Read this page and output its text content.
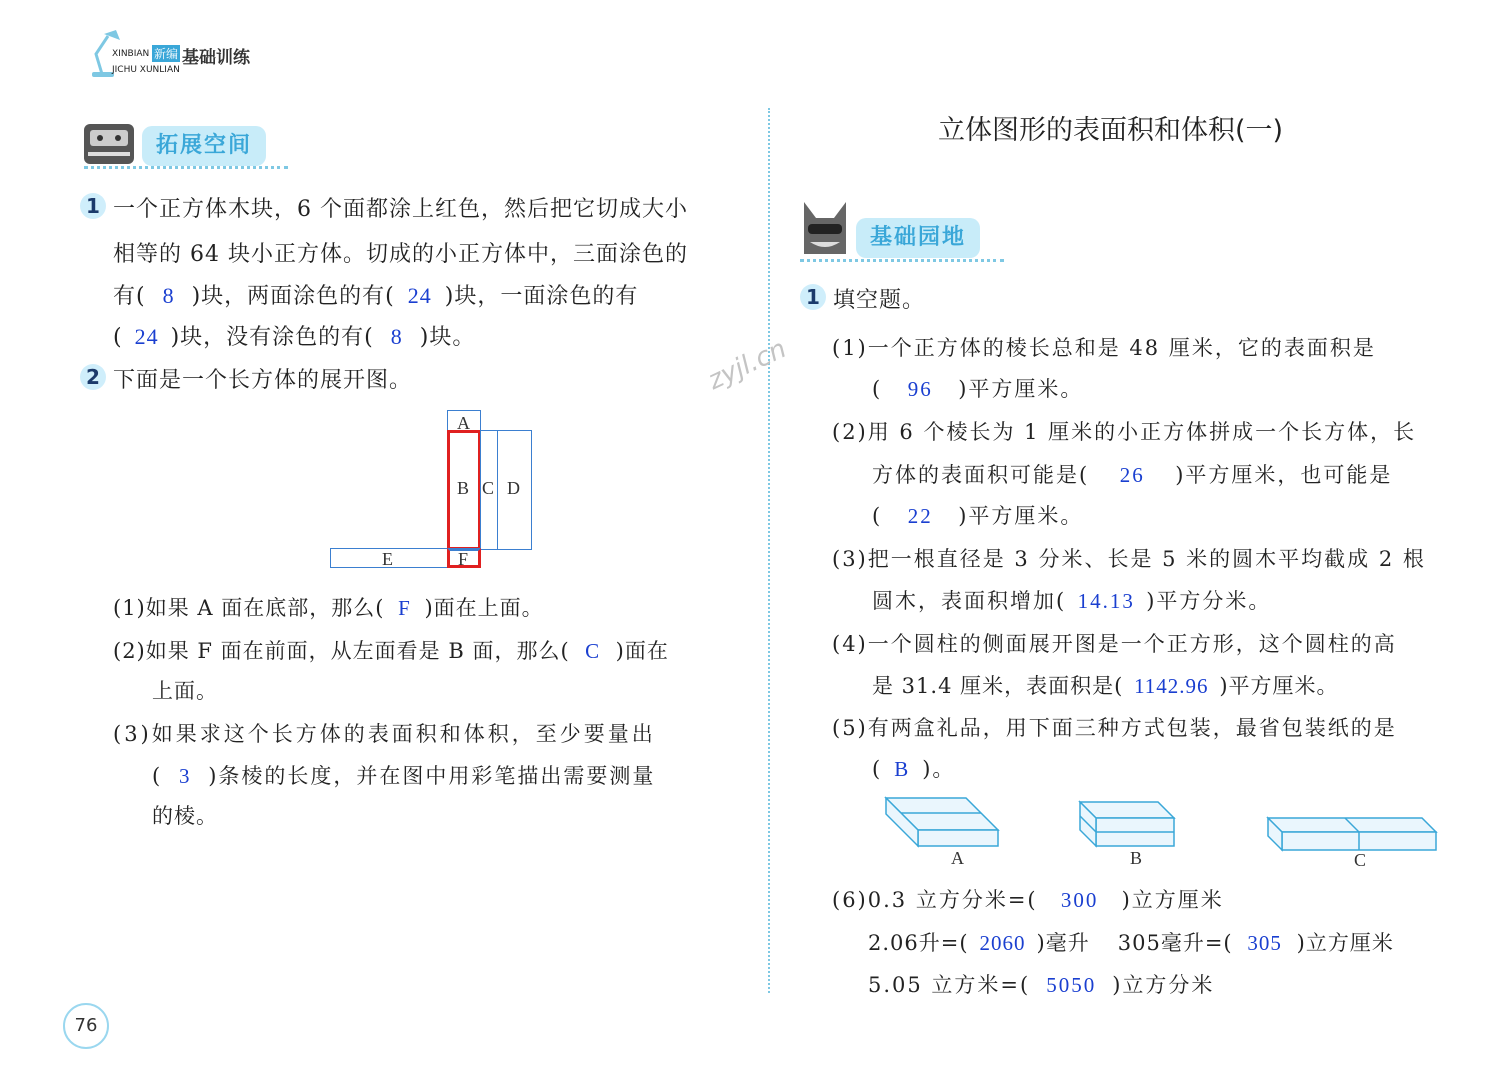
XINBIAN 新编 基础训练
JICHU XUNLIAN
拓展空间
1 一个正方体木块，6 个面都涂上红色，然后把它切成大小
相等的 64 块小正方体。切成的小正方体中，三面涂色的
有( 8 )块，两面涂色的有( 24 )块，一面涂色的有
( 24 )块，没有涂色的有( 8 )块。
2 下面是一个长方体的展开图。
A
B C D
E	F
(1)如果 A 面在底部，那么( F )面在上面。
(2)如果 F 面在前面，从左面看是 B 面，那么( C )面在
上面。
(3)如果求这个长方体的表面积和体积，至少要量出
( 3 )条棱的长度，并在图中用彩笔描出需要测量
的棱。
zyjl.cn
立体图形的表面积和体积(一)
基础园地
1 填空题。
(1)一个正方体的棱长总和是 48 厘米，它的表面积是
( 96 )平方厘米。
(2)用 6 个棱长为 1 厘米的小正方体拼成一个长方体，长
方体的表面积可能是( 26 )平方厘米，也可能是
( 22 )平方厘米。
(3)把一根直径是 3 分米、长是 5 米的圆木平均截成 2 根
圆木，表面积增加( 14.13 )平方分米。
(4)一个圆柱的侧面展开图是一个正方形，这个圆柱的高
是 31.4 厘米，表面积是( 1142.96 )平方厘米。
(5)有两盒礼品，用下面三种方式包装，最省包装纸的是
( B )。
A	B	C
(6)0.3 立方分米=( 300 )立方厘米
2.06升=( 2060 )毫升 305毫升=( 305 )立方厘米
5.05 立方米=( 5050 )立方分米
76
